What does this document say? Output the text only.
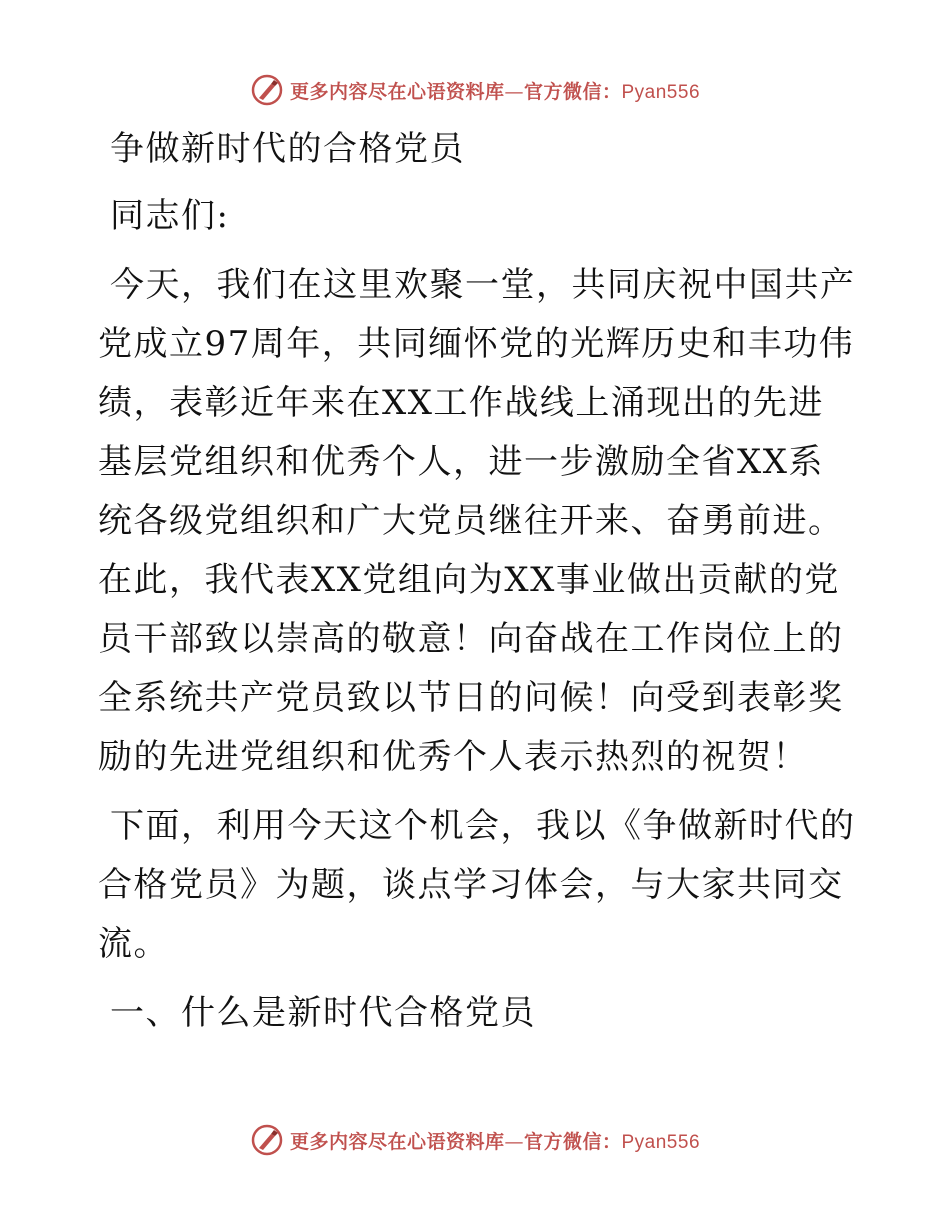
更多内容尽在心语资料库—官方微信：Pyan556

争做新时代的合格党员

同志们:

今天，我们在这里欢聚一堂，共同庆祝中国共产党成立97周年，共同缅怀党的光辉历史和丰功伟绩，表彰近年来在XX工作战线上涌现出的先进基层党组织和优秀个人，进一步激励全省XX系统各级党组织和广大党员继往开来、奋勇前进。在此，我代表XX党组向为XX事业做出贡献的党员干部致以崇高的敬意！向奋战在工作岗位上的全系统共产党员致以节日的问候！向受到表彰奖励的先进党组织和优秀个人表示热烈的祝贺！

下面，利用今天这个机会，我以《争做新时代的合格党员》为题，谈点学习体会，与大家共同交流。

一、什么是新时代合格党员

更多内容尽在心语资料库—官方微信：Pyan556
